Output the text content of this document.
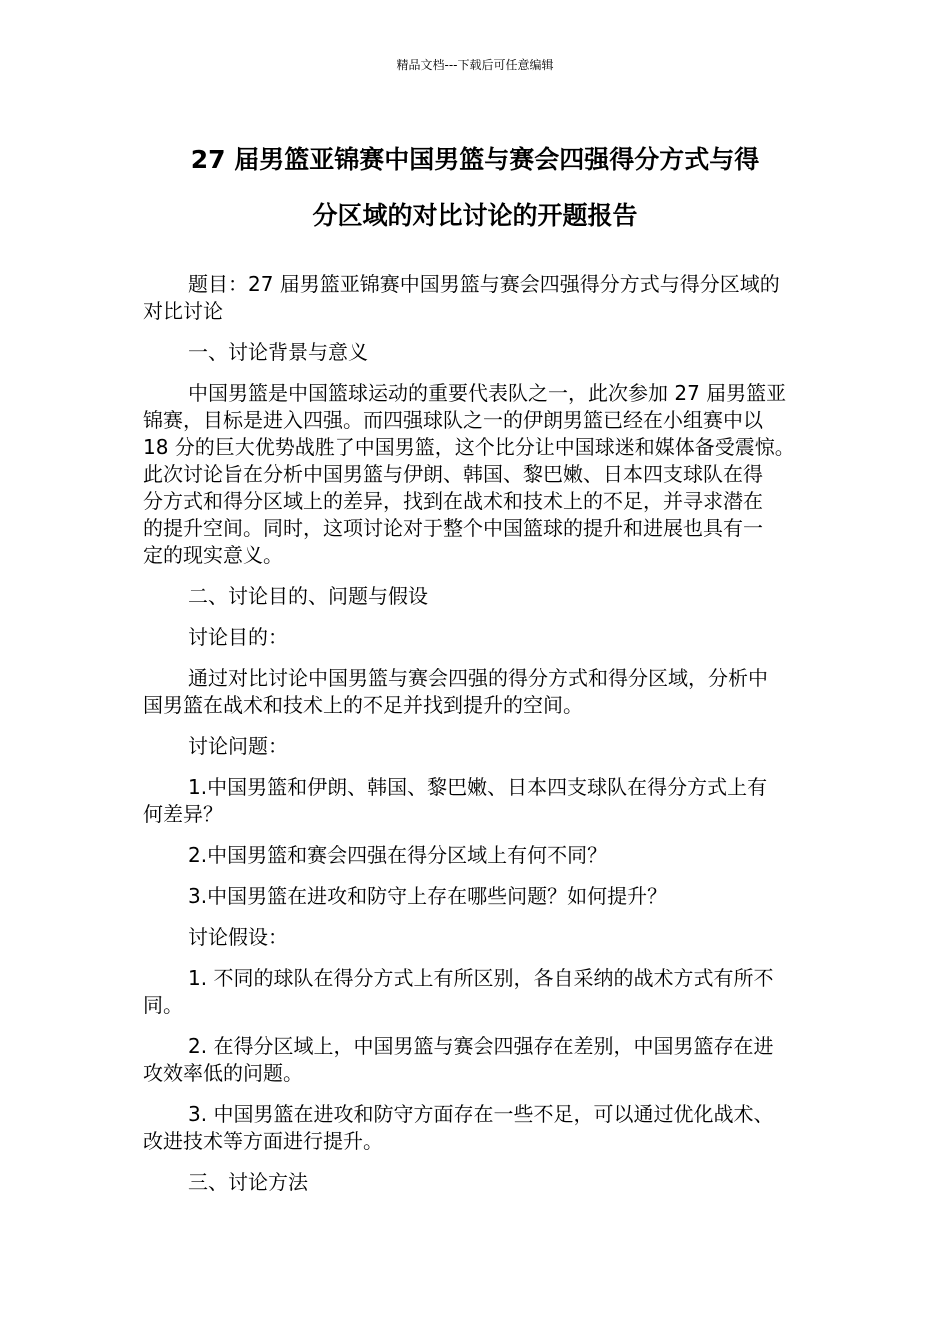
精品文档---下载后可任意编辑
27 届男篮亚锦赛中国男篮与赛会四强得分方式与得
分区域的对比讨论的开题报告

题目：27 届男篮亚锦赛中国男篮与赛会四强得分方式与得分区域的
对比讨论

一、讨论背景与意义

中国男篮是中国篮球运动的重要代表队之一，此次参加 27 届男篮亚
锦赛，目标是进入四强。而四强球队之一的伊朗男篮已经在小组赛中以
18 分的巨大优势战胜了中国男篮，这个比分让中国球迷和媒体备受震惊。
此次讨论旨在分析中国男篮与伊朗、韩国、黎巴嫩、日本四支球队在得
分方式和得分区域上的差异，找到在战术和技术上的不足，并寻求潜在
的提升空间。同时，这项讨论对于整个中国篮球的提升和进展也具有一
定的现实意义。

二、讨论目的、问题与假设

讨论目的：

通过对比讨论中国男篮与赛会四强的得分方式和得分区域，分析中
国男篮在战术和技术上的不足并找到提升的空间。

讨论问题：

1.中国男篮和伊朗、韩国、黎巴嫩、日本四支球队在得分方式上有
何差异？

2.中国男篮和赛会四强在得分区域上有何不同？

3.中国男篮在进攻和防守上存在哪些问题？如何提升？

讨论假设：

1. 不同的球队在得分方式上有所区别，各自采纳的战术方式有所不
同。

2. 在得分区域上，中国男篮与赛会四强存在差别，中国男篮存在进
攻效率低的问题。

3. 中国男篮在进攻和防守方面存在一些不足，可以通过优化战术、
改进技术等方面进行提升。

三、讨论方法
